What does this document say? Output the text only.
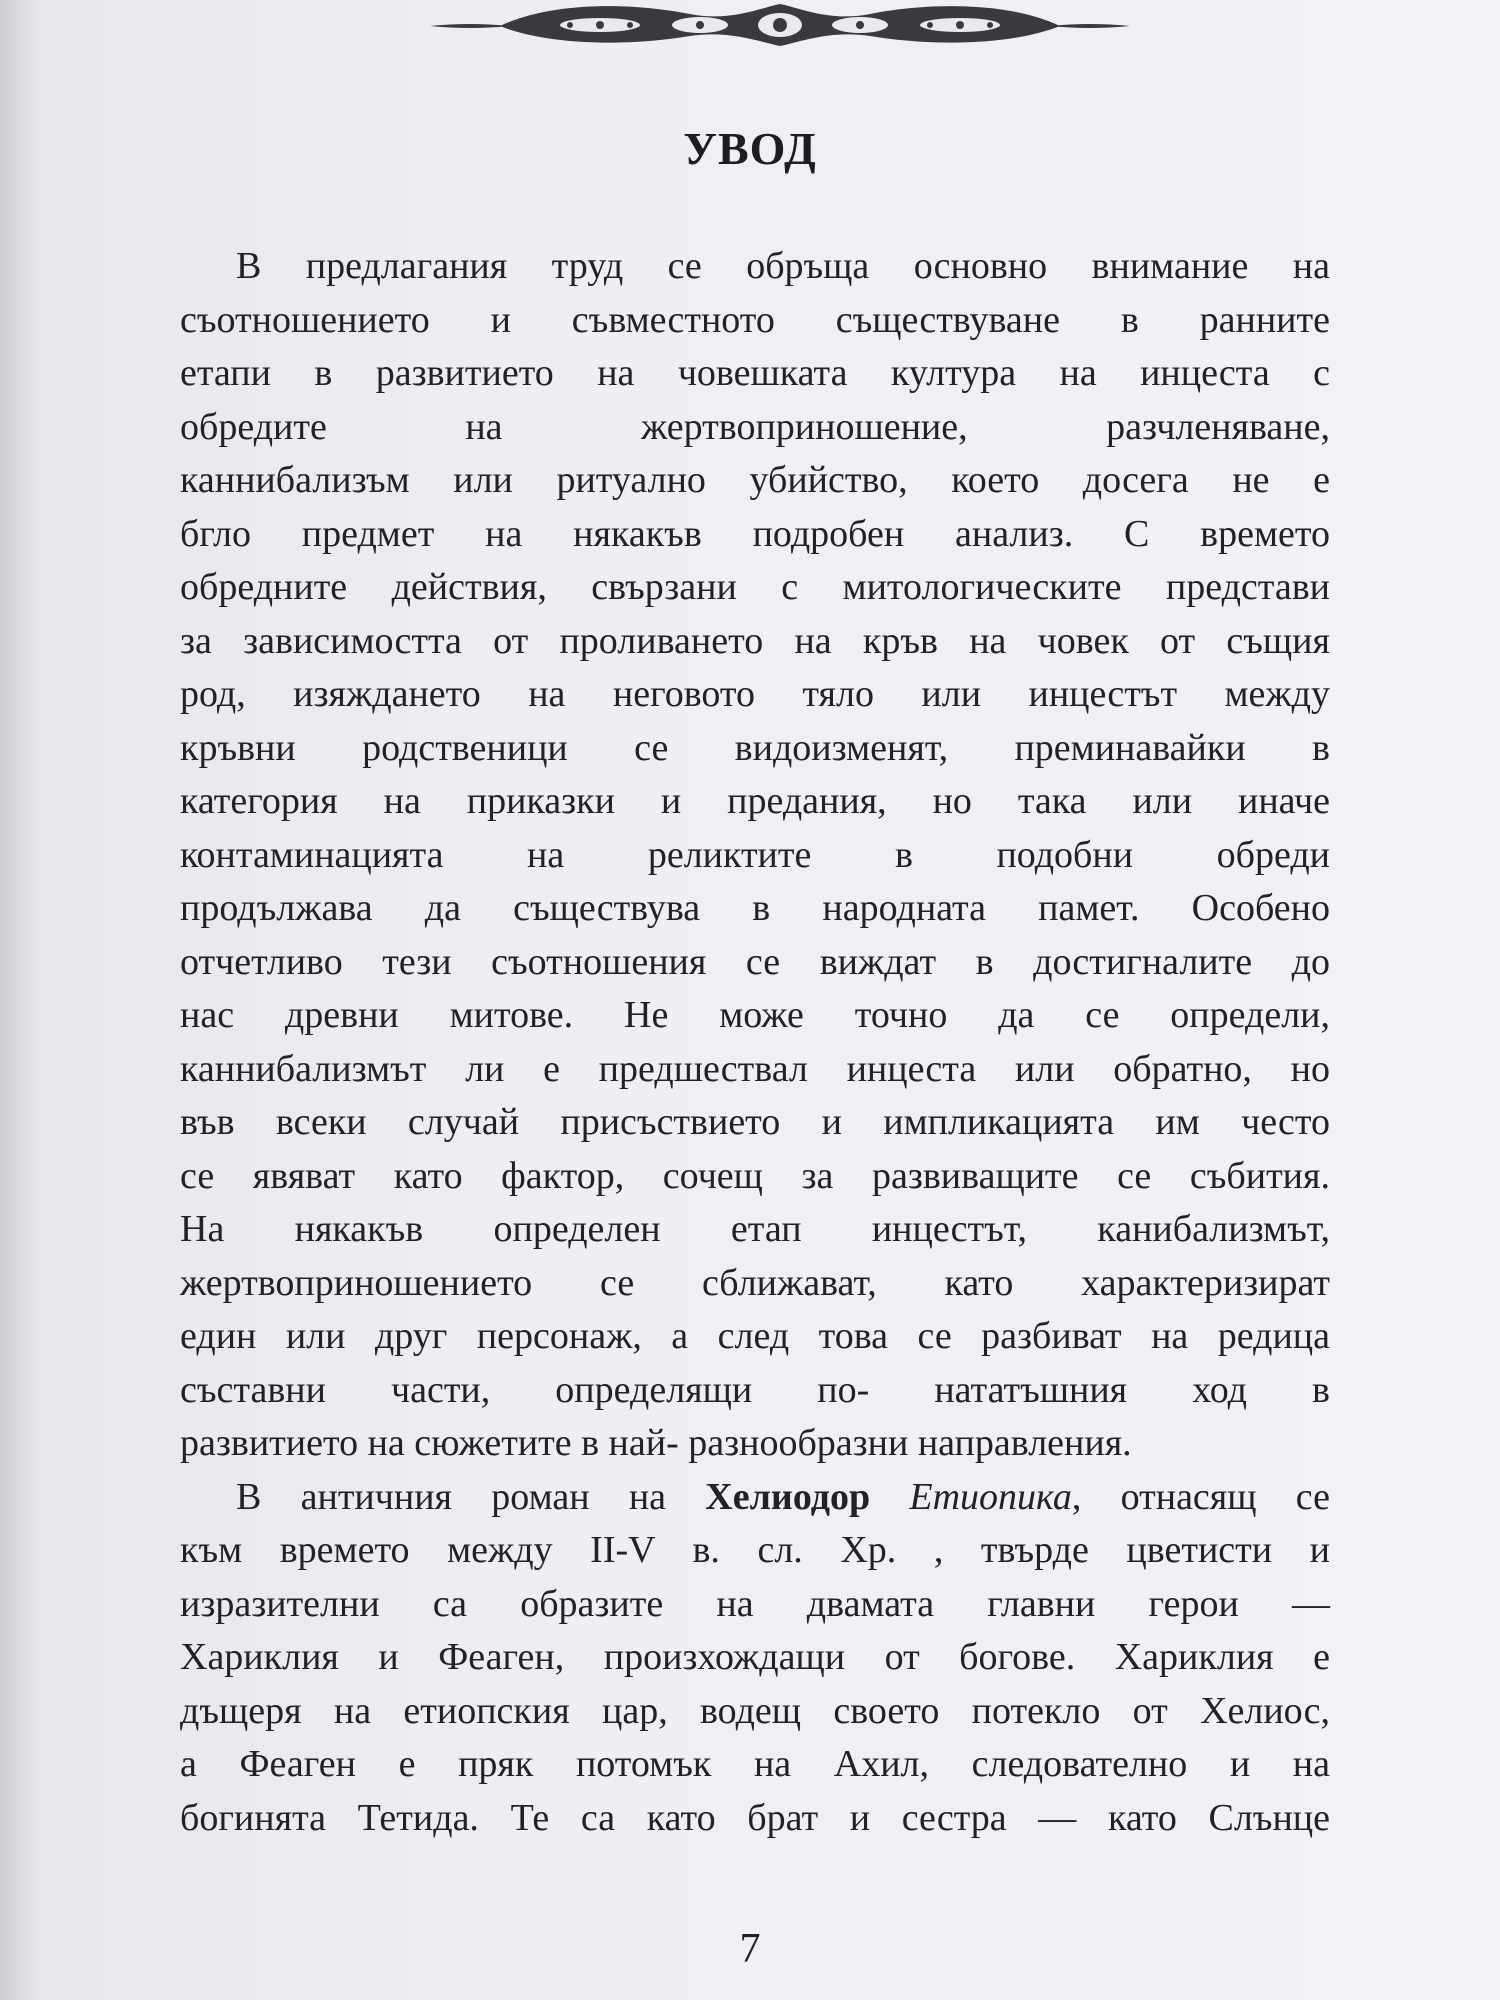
УВОД
В предлагания труд се обръща основно внимание на
съотношението и съвместното съществуване в ранните
етапи в развитието на човешката култура на инцеста с
обредите на жертвоприношение, разчленяване,
каннибализъм или ритуално убийство, което досега не е
бгло предмет на някакъв подробен анализ. С времето
обредните действия, свързани с митологическите представи
за зависимостта от проливането на кръв на човек от същия
род, изяждането на неговото тяло или инцестът между
кръвни родственици се видоизменят, преминавайки в
категория на приказки и предания, но така или иначе
контаминацията на реликтите в подобни обреди
продължава да съществува в народната памет. Особено
отчетливо тези съотношения се виждат в достигналите до
нас древни митове. Не може точно да се определи,
каннибализмът ли е предшествал инцеста или обратно, но
във всеки случай присъствието и импликацията им често
се явяват като фактор, сочещ за развиващите се събития.
На някакъв определен етап инцестът, канибализмът,
жертвоприношението се сближават, като характеризират
един или друг персонаж, а след това се разбиват на редица
съставни части, определящи по- нататъшния ход в
развитието на сюжетите в най- разнообразни направления.
В античния роман на Хелиодор Етиопика, отнасящ се
към времето между II-V в. сл. Хр. , твърде цветисти и
изразителни са образите на двамата главни герои —
Хариклия и Феаген, произхождащи от богове. Хариклия е
дъщеря на етиопския цар, водещ своето потекло от Хелиос,
а Феаген е пряк потомък на Ахил, следователно и на
богинята Тетида. Те са като брат и сестра — като Слънце
7
